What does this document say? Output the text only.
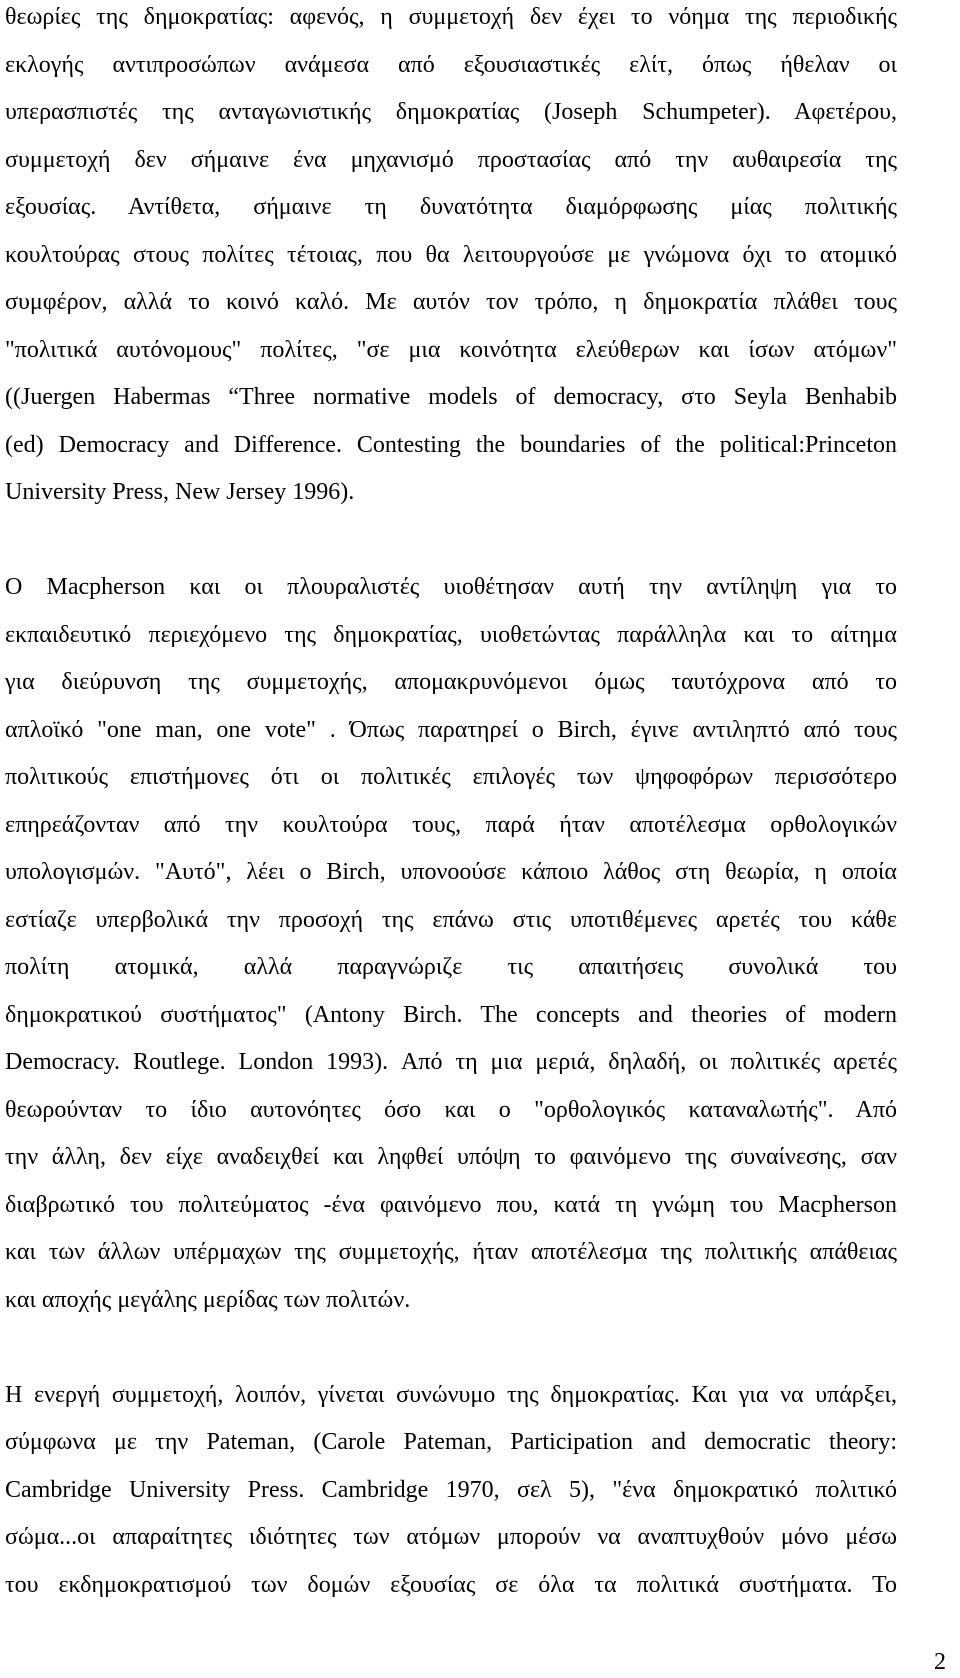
θεωρίες της δημοκρατίας: αφενός, η συμμετοχή δεν έχει το νόημα της περιοδικής
εκλογής αντιπροσώπων ανάμεσα από εξουσιαστικές ελίτ, όπως ήθελαν οι
υπερασπιστές της ανταγωνιστικής δημοκρατίας (Joseph Schumpeter). Αφετέρου,
συμμετοχή δεν σήμαινε ένα μηχανισμό προστασίας από την αυθαιρεσία της
εξουσίας. Αντίθετα, σήμαινε τη δυνατότητα διαμόρφωσης μίας πολιτικής
κουλτούρας στους πολίτες τέτοιας, που θα λειτουργούσε με γνώμονα όχι το ατομικό
συμφέρον, αλλά το κοινό καλό. Με αυτόν τον τρόπο, η δημοκρατία πλάθει τους
"πολιτικά αυτόνομους" πολίτες, "σε μια κοινότητα ελεύθερων και ίσων ατόμων"
((Juergen Habermas “Three normative models of democracy, στο Seyla Benhabib
(ed) Democracy and Difference. Contesting the boundaries of the political:Princeton
University Press, New Jersey 1996).
Ο Macpherson και οι πλουραλιστές υιοθέτησαν αυτή την αντίληψη για το
εκπαιδευτικό περιεχόμενο της δημοκρατίας, υιοθετώντας παράλληλα και το αίτημα
για διεύρυνση της συμμετοχής, απομακρυνόμενοι όμως ταυτόχρονα από το
απλοϊκό "one man, one vote" . Όπως παρατηρεί ο Birch, έγινε αντιληπτό από τους
πολιτικούς επιστήμονες ότι οι πολιτικές επιλογές των ψηφοφόρων περισσότερο
επηρεάζονταν από την κουλτούρα τους, παρά ήταν αποτέλεσμα ορθολογικών
υπολογισμών. "Αυτό", λέει ο Birch, υπονοούσε κάποιο λάθος στη θεωρία, η οποία
εστίαζε υπερβολικά την προσοχή της επάνω στις υποτιθέμενες αρετές του κάθε
πολίτη ατομικά, αλλά παραγνώριζε τις απαιτήσεις συνολικά του
δημοκρατικού συστήματος" (Antony Birch. The concepts and theories of modern
Democracy. Routlege. London 1993). Από τη μια μεριά, δηλαδή, οι πολιτικές αρετές
θεωρούνταν το ίδιο αυτονόητες όσο και ο "ορθολογικός καταναλωτής". Από
την άλλη, δεν είχε αναδειχθεί και ληφθεί υπόψη το φαινόμενο της συναίνεσης, σαν
διαβρωτικό του πολιτεύματος -ένα φαινόμενο που, κατά τη γνώμη του Macpherson
και των άλλων υπέρμαχων της συμμετοχής, ήταν αποτέλεσμα της πολιτικής απάθειας
και αποχής μεγάλης μερίδας των πολιτών.
Η ενεργή συμμετοχή, λοιπόν, γίνεται συνώνυμο της δημοκρατίας. Και για να υπάρξει,
σύμφωνα με την Pateman, (Carole Pateman, Participation and democratic theory:
Cambridge University Press. Cambridge 1970, σελ 5), "ένα δημοκρατικό πολιτικό
σώμα...οι απαραίτητες ιδιότητες των ατόμων μπορούν να αναπτυχθούν μόνο μέσω
του εκδημοκρατισμού των δομών εξουσίας σε όλα τα πολιτικά συστήματα. Το
2
